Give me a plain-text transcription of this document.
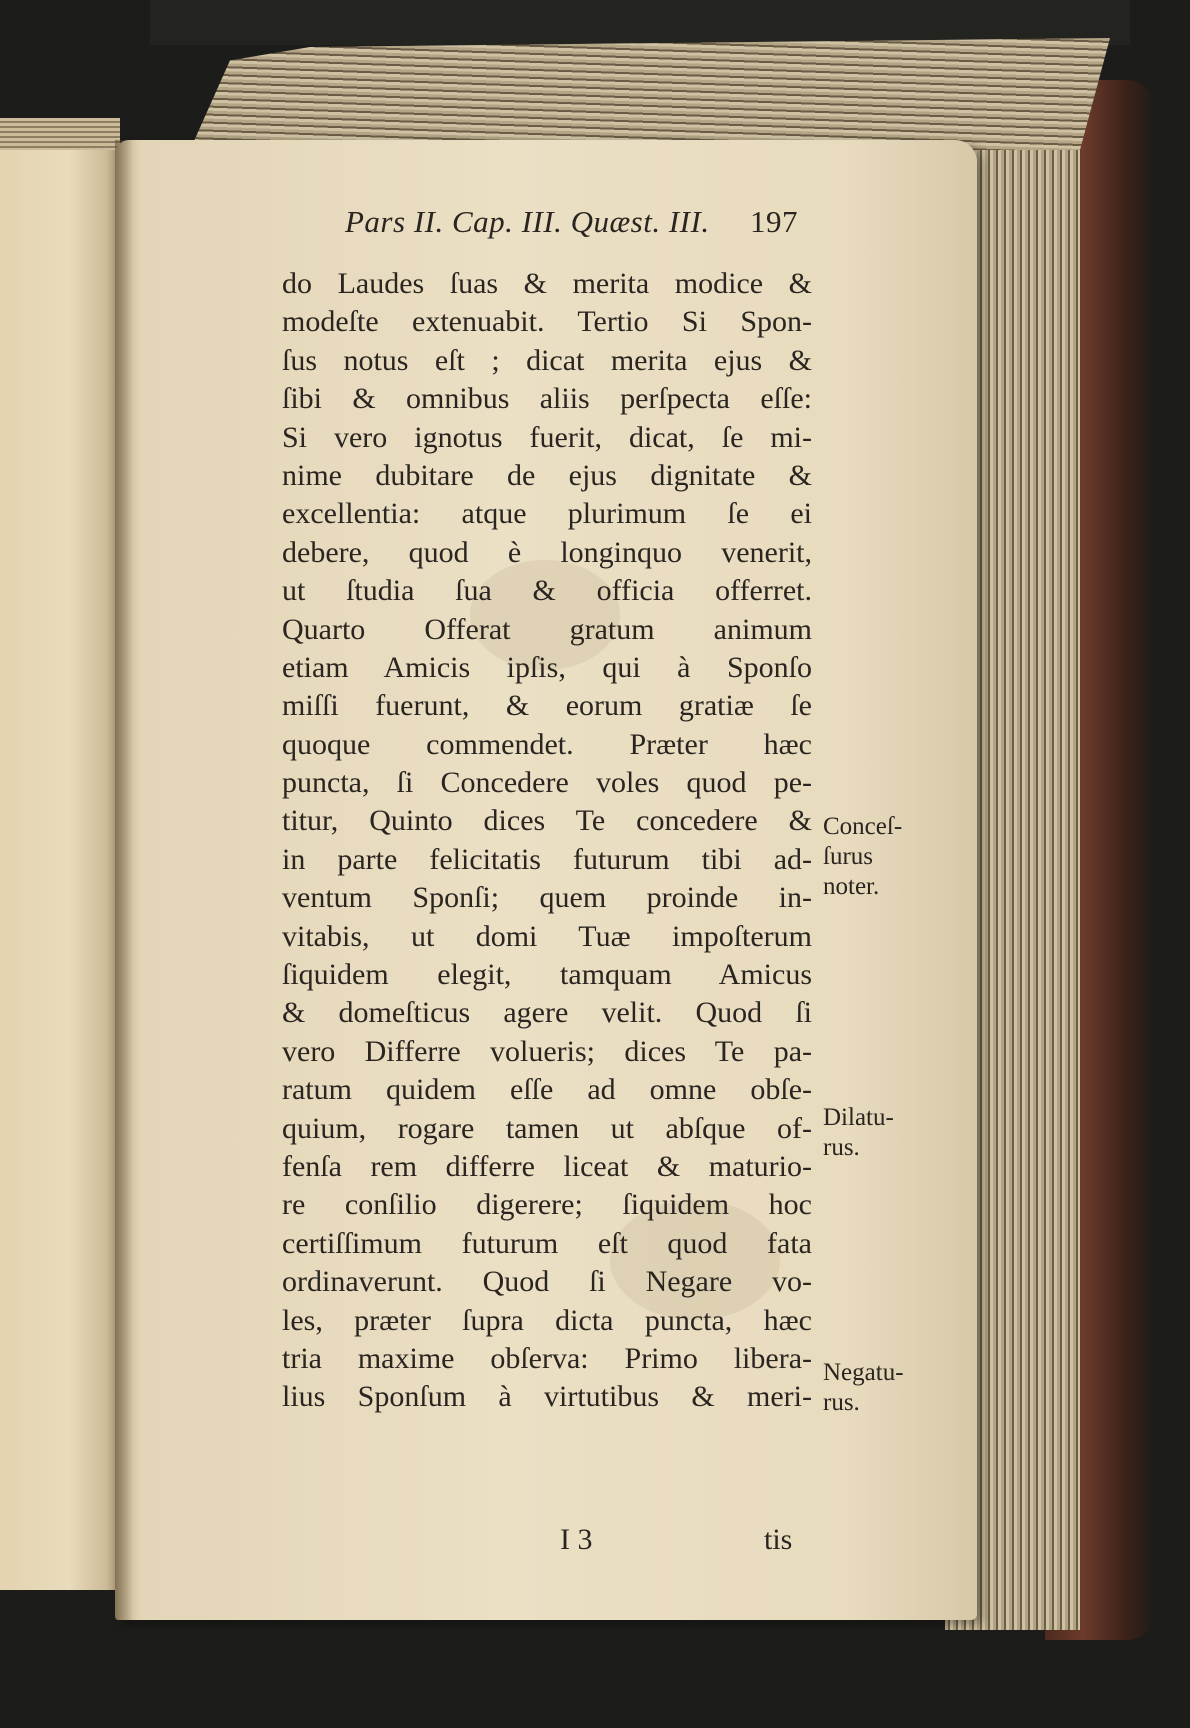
Pars II. Cap. III. Quæst. III. 197
do Laudes ſuas & merita modice &
modeſte extenuabit. Tertio Si Spon-
ſus notus eſt ; dicat merita ejus &
ſibi & omnibus aliis perſpecta eſſe:
Si vero ignotus fuerit, dicat, ſe mi-
nime dubitare de ejus dignitate &
excellentia: atque plurimum ſe ei
debere, quod è longinquo venerit,
ut ſtudia ſua & officia offerret.
Quarto Offerat gratum animum
etiam Amicis ipſis, qui à Sponſo
miſſi fuerunt, & eorum gratiæ ſe
quoque commendet. Præter hæc
puncta, ſi Concedere voles quod pe-
titur, Quinto dices Te concedere &
in parte felicitatis futurum tibi ad-
ventum Sponſi; quem proinde in-
vitabis, ut domi Tuæ impoſterum
ſiquidem elegit, tamquam Amicus
& domeſticus agere velit. Quod ſi
vero Differre volueris; dices Te pa-
ratum quidem eſſe ad omne obſe-
quium, rogare tamen ut abſque of-
fenſa rem differre liceat & maturio-
re conſilio digerere; ſiquidem hoc
certiſſimum futurum eſt quod fata
ordinaverunt. Quod ſi Negare vo-
les, præter ſupra dicta puncta, hæc
tria maxime obſerva: Primo libera-
lius Sponſum à virtutibus & meri-
Conceſ-
ſurus
noter.
Dilatu-
rus.
Negatu-
rus.
I 3	tis
